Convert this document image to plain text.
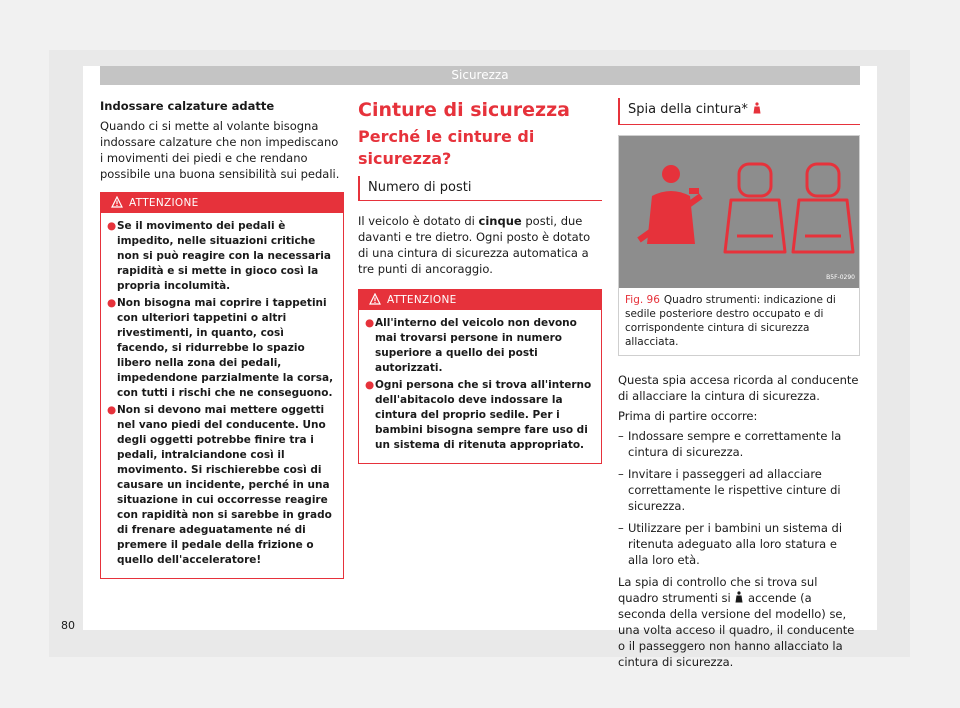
Sicurezza

Indossare calzature adatte

Quando ci si mette al volante bisogna indossare calzature che non impediscano i movimenti dei piedi e che rendano possibile una buona sensibilità sui pedali.

ATTENZIONE
● Se il movimento dei pedali è impedito, nelle situazioni critiche non si può reagire con la necessaria rapidità e si mette in gioco così la propria incolumità.
● Non bisogna mai coprire i tappetini con ulteriori tappetini o altri rivestimenti, in quanto, così facendo, si ridurrebbe lo spazio libero nella zona dei pedali, impedendone parzialmente la corsa, con tutti i rischi che ne conseguono.
● Non si devono mai mettere oggetti nel vano piedi del conducente. Uno degli oggetti potrebbe finire tra i pedali, intralciandone così il movimento. Si rischierebbe così di causare un incidente, perché in una situazione in cui occorresse reagire con rapidità non si sarebbe in grado di frenare adeguatamente né di premere il pedale della frizione o quello dell'acceleratore!
Cinture di sicurezza
Perché le cinture di sicurezza?
Numero di posti

Il veicolo è dotato di cinque posti, due davanti e tre dietro. Ogni posto è dotato di una cintura di sicurezza automatica a tre punti di ancoraggio.

ATTENZIONE
● All'interno del veicolo non devono mai trovarsi persone in numero superiore a quello dei posti autorizzati.
● Ogni persona che si trova all'interno dell'abitacolo deve indossare la cintura del proprio sedile. Per i bambini bisogna sempre fare uso di un sistema di ritenuta appropriato.
Spia della cintura*
B5F-0290
Fig. 96 Quadro strumenti: indicazione di sedile posteriore destro occupato e di corrispondente cintura di sicurezza allacciata.

Questa spia accesa ricorda al conducente di allacciare la cintura di sicurezza.

Prima di partire occorre:

– Indossare sempre e correttamente la cintura di sicurezza.
– Invitare i passeggeri ad allacciare correttamente le rispettive cinture di sicurezza.
– Utilizzare per i bambini un sistema di ritenuta adeguato alla loro statura e alla loro età.

La spia di controllo che si trova sul quadro strumenti si accende (a seconda della versione del modello) se, una volta acceso il quadro, il conducente o il passeggero non hanno allacciato la cintura di sicurezza.

80
